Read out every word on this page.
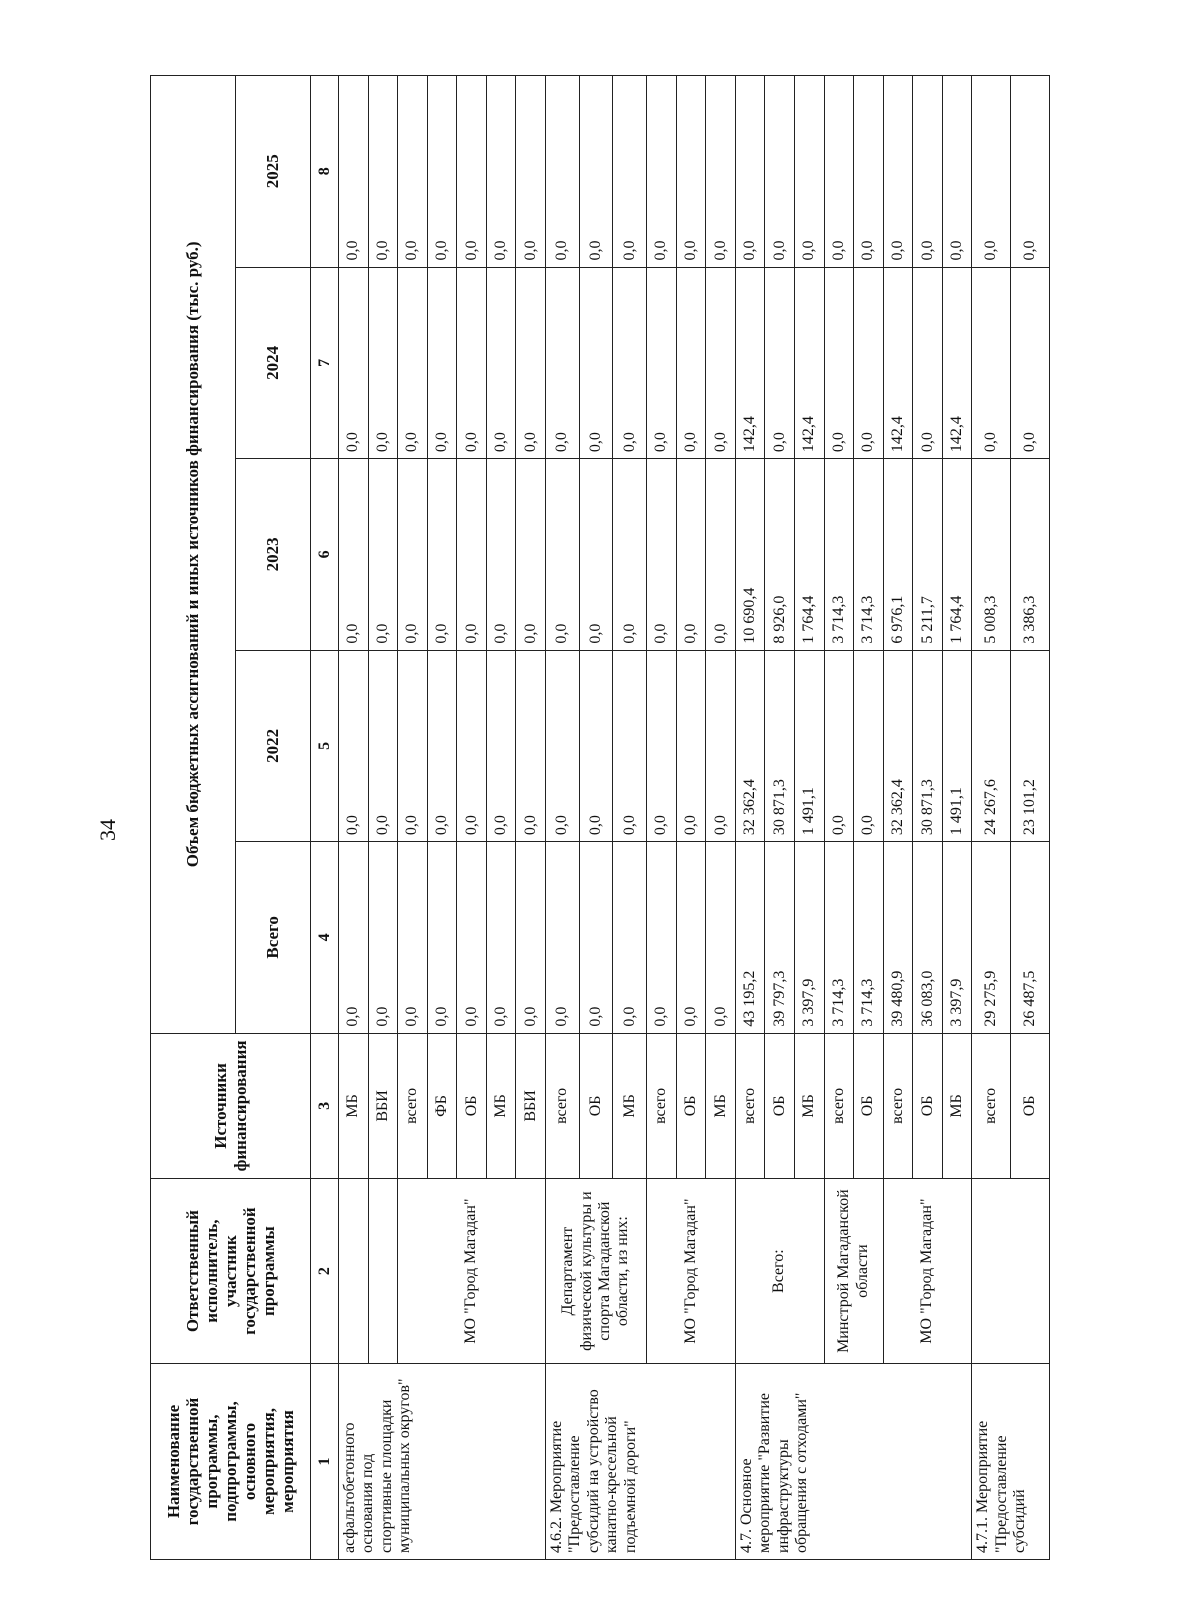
34
Наименование государственной программы, подпрограммы, основного мероприятия, мероприятия	Ответственный исполнитель, участник государственной программы	Источники финансирования	Объем бюджетных ассигнований и иных источников финансирования (тыс. руб.)				
			Всего	2022	2023	2024	2025
1	2	3	4	5	6	7	8
асфальтобетонного основания под спортивные площадки муниципальных округов"		МБ	0,0	0,0	0,0	0,0	0,0
		ВБИ	0,0	0,0	0,0	0,0	0,0
	МО "Город Магадан"	всего	0,0	0,0	0,0	0,0	0,0
		ФБ	0,0	0,0	0,0	0,0	0,0
		ОБ	0,0	0,0	0,0	0,0	0,0
		МБ	0,0	0,0	0,0	0,0	0,0
		ВБИ	0,0	0,0	0,0	0,0	0,0
4.6.2. Мероприятие "Предоставление субсидий на устройство канатно-кресельной подъемной дороги"	Департамент физической культуры и спорта Магаданской области, из них:	всего	0,0	0,0	0,0	0,0	0,0
		ОБ	0,0	0,0	0,0	0,0	0,0
		МБ	0,0	0,0	0,0	0,0	0,0
	МО "Город Магадан"	всего	0,0	0,0	0,0	0,0	0,0
		ОБ	0,0	0,0	0,0	0,0	0,0
		МБ	0,0	0,0	0,0	0,0	0,0
4.7. Основное мероприятие "Развитие инфраструктуры обращения с отходами"	Всего:	всего	43 195,2	32 362,4	10 690,4	142,4	0,0
		ОБ	39 797,3	30 871,3	8 926,0	0,0	0,0
		МБ	3 397,9	1 491,1	1 764,4	142,4	0,0
	Минстрой Магаданской области	всего	3 714,3	0,0	3 714,3	0,0	0,0
		ОБ	3 714,3	0,0	3 714,3	0,0	0,0
	МО "Город Магадан"	всего	39 480,9	32 362,4	6 976,1	142,4	0,0
		ОБ	36 083,0	30 871,3	5 211,7	0,0	0,0
		МБ	3 397,9	1 491,1	1 764,4	142,4	0,0
4.7.1. Мероприятие "Предоставление субсидий		всего	29 275,9	24 267,6	5 008,3	0,0	0,0
		ОБ	26 487,5	23 101,2	3 386,3	0,0	0,0
